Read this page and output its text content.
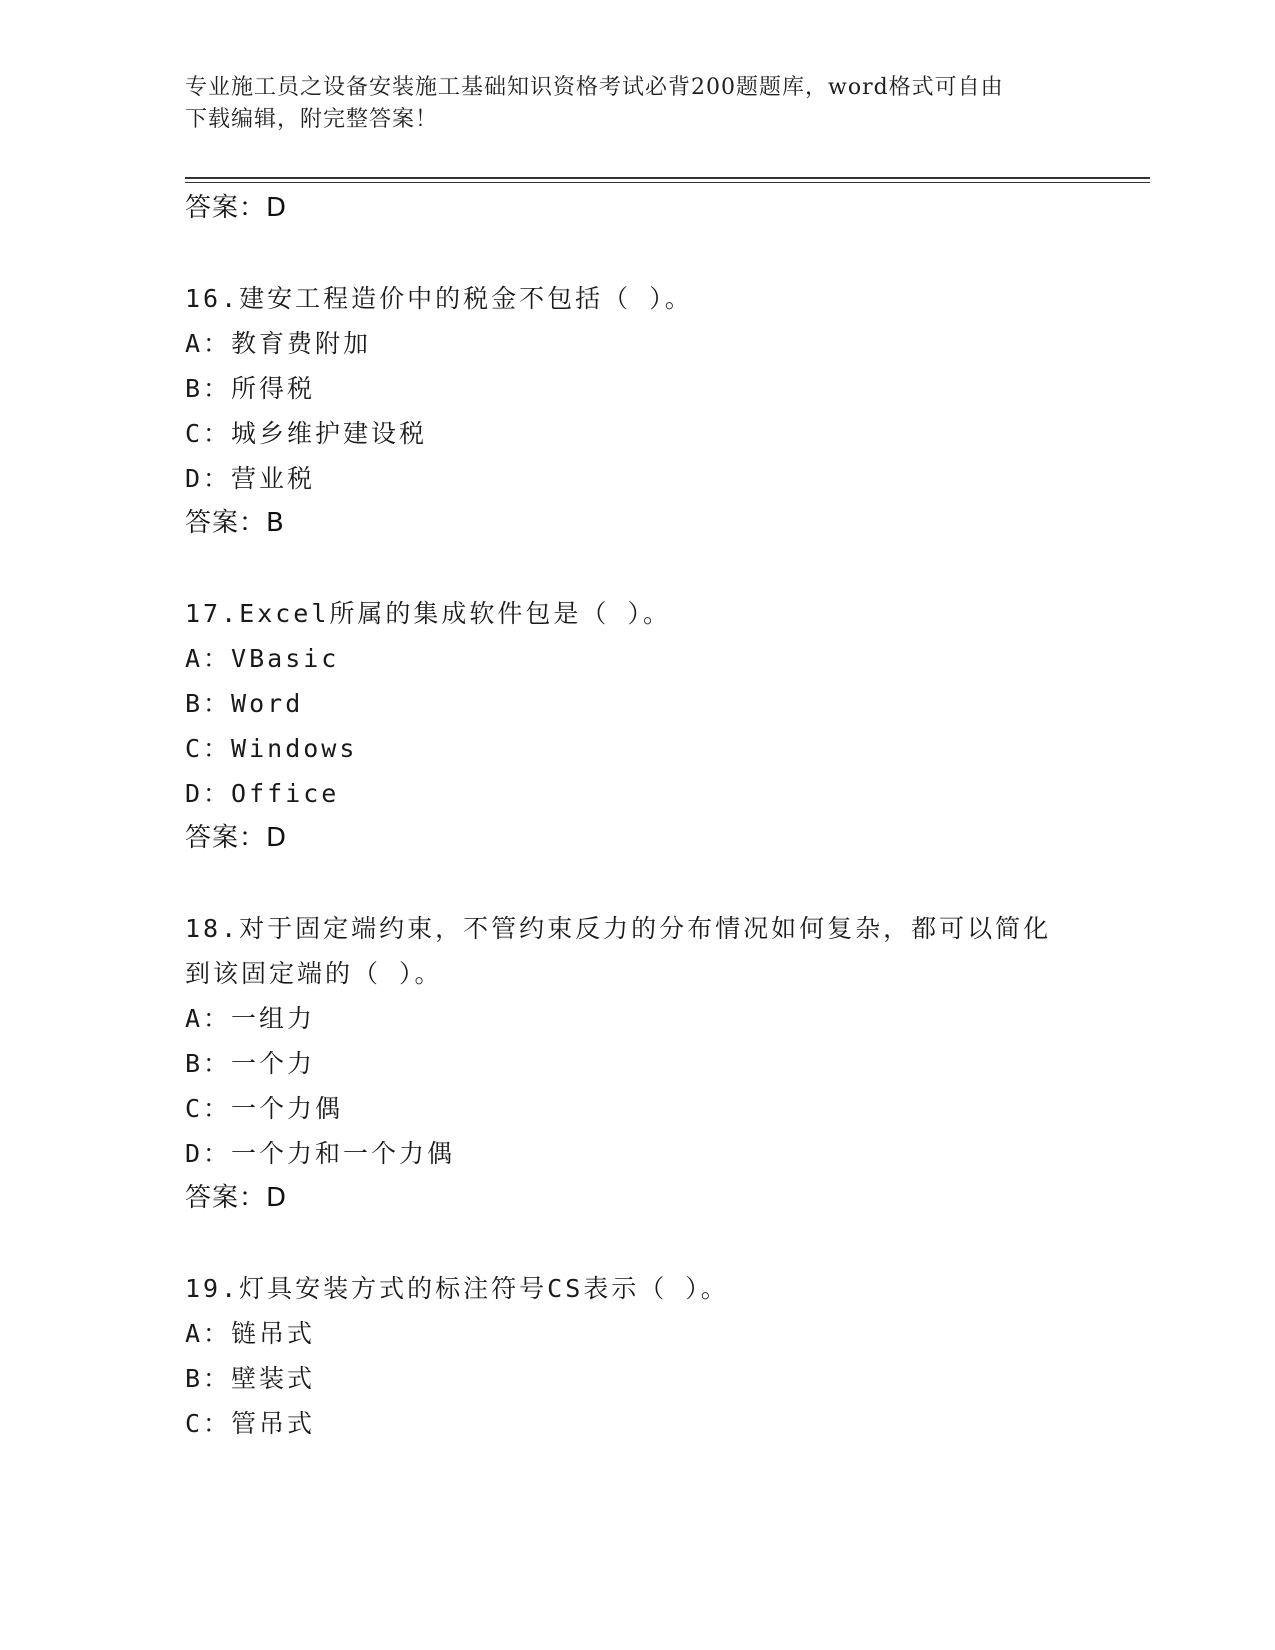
专业施工员之设备安装施工基础知识资格考试必背200题题库，word格式可自由
下载编辑，附完整答案！
答案：D
16.建安工程造价中的税金不包括（ ）。
A：教育费附加
B：所得税
C：城乡维护建设税
D：营业税
答案：B
17.Excel所属的集成软件包是（ ）。
A：VBasic
B：Word
C：Windows
D：Office
答案：D
18.对于固定端约束，不管约束反力的分布情况如何复杂，都可以简化到该固定端的（ ）。
A：一组力
B：一个力
C：一个力偶
D：一个力和一个力偶
答案：D
19.灯具安装方式的标注符号CS表示（ ）。
A：链吊式
B：壁装式
C：管吊式
